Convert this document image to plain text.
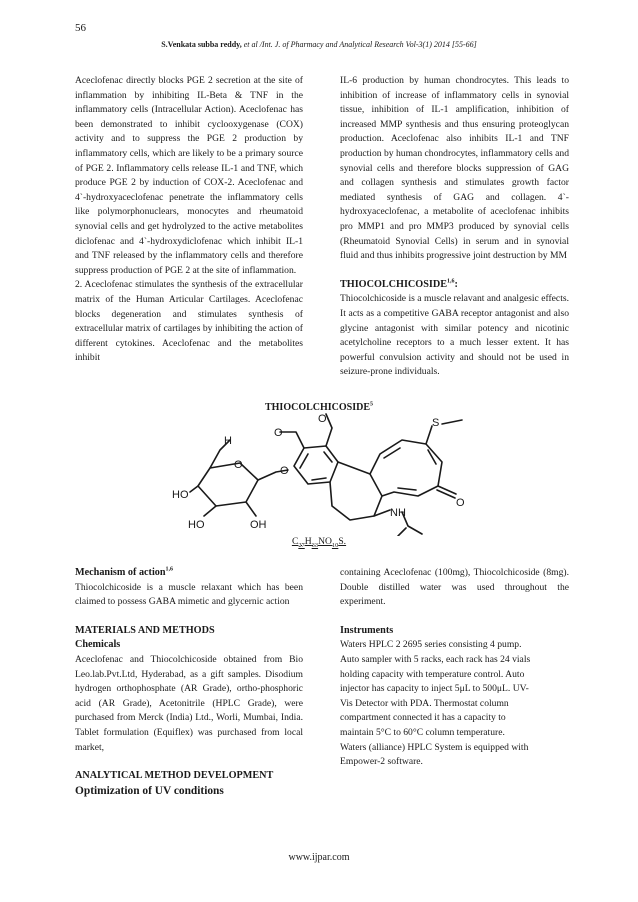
56
S.Venkata subba reddy, et al /Int. J. of Pharmacy and Analytical Research Vol-3(1) 2014 [55-66]

Aceclofenac directly blocks PGE 2 secretion at the site of inflammation by inhibiting IL-Beta & TNF in the inflammatory cells (Intracellular Action). Aceclofenac has been demonstrated to inhibit cyclooxygenase (COX) activity and to suppress the PGE 2 production by inflammatory cells, which are likely to be a primary source of PGE 2. Inflammatory cells release IL-1 and TNF, which produce PGE 2 by induction of COX-2. Aceclofenac and 4`-hydroxyaceclofenac penetrate the inflammatory cells like polymorphonuclears, monocytes and rheumatoid synovial cells and get hydrolyzed to the active metabolites diclofenac and 4`-hydroxydiclofenac which inhibit IL-1 and TNF released by the inflammatory cells and therefore suppress production of PGE 2 at the site of inflammation.

2. Aceclofenac stimulates the synthesis of the extracellular matrix of the Human Articular Cartilages. Aceclofenac blocks degeneration and stimulates synthesis of extracellular matrix of cartilages by inhibiting the action of different cytokines. Aceclofenac and the metabolites inhibit

IL-6 production by human chondrocytes. This leads to inhibition of increase of inflammatory cells in synovial tissue, inhibition of IL-1 amplification, inhibition of increased MMP synthesis and thus ensuring proteoglycan production. Aceclofenac also inhibits IL-1 and TNF production by human chondrocytes, inflammatory cells and synovial cells and therefore blocks suppression of GAG and collagen synthesis and stimulates growth factor mediated synthesis of GAG and collagen. 4`-hydroxyaceclofenac, a metabolite of aceclofenac inhibits pro MMP1 and pro MMP3 produced by synovial cells (Rheumatoid Synovial Cells) in serum and in synovial fluid and thus inhibits progressive joint destruction by MM

THIOCOLCHICOSIDE$^{1,6}$:

Thiocolchicoside is a muscle relavant and analgesic effects. It acts as a competitive GABA receptor antagonist and also glycine antagonist with similar potency and nicotinic acetylcholine receptors to a much lesser extent. It has powerful convulsion activity and should not be used in seizure-prone individuals.

THIOCOLCHICOSIDE$^5$
O
O
O
O
O
S
HO
HO	OH
NH
H
$C_{27}H_{33}NO_{10}S$.

Mechanism of action$^{1,6}$

Thiocolchicoside is a muscle relaxant which has been claimed to possess GABA mimetic and glycernic action

MATERIALS AND METHODS

Chemicals

Aceclofenac and Thiocolchicoside obtained from Bio Leo.lab.Pvt.Ltd, Hyderabad, as a gift samples. Disodium hydrogen orthophosphate (AR Grade), ortho-phosphoric acid (AR Grade), Acetonitrile (HPLC Grade), were purchased from Merck (India) Ltd., Worli, Mumbai, India. Tablet formulation (Equiflex) was purchased from local market,

ANALYTICAL METHOD DEVELOPMENT

Optimization of UV conditions

containing Aceclofenac (100mg), Thiocolchicoside (8mg). Double distilled water was used throughout the experiment.

Instruments

Waters HPLC 2 2695 series consisting 4 pump.

Auto sampler with 5 racks, each rack has 24 vials

holding capacity with temperature control. Auto

injector has capacity to inject 5μL to 500μL. UV-

Vis Detector with PDA. Thermostat column

compartment connected it has a capacity to

maintain 5°C to 60°C column temperature.

Waters (alliance) HPLC System is equipped with

Empower-2 software.

www.ijpar.com
